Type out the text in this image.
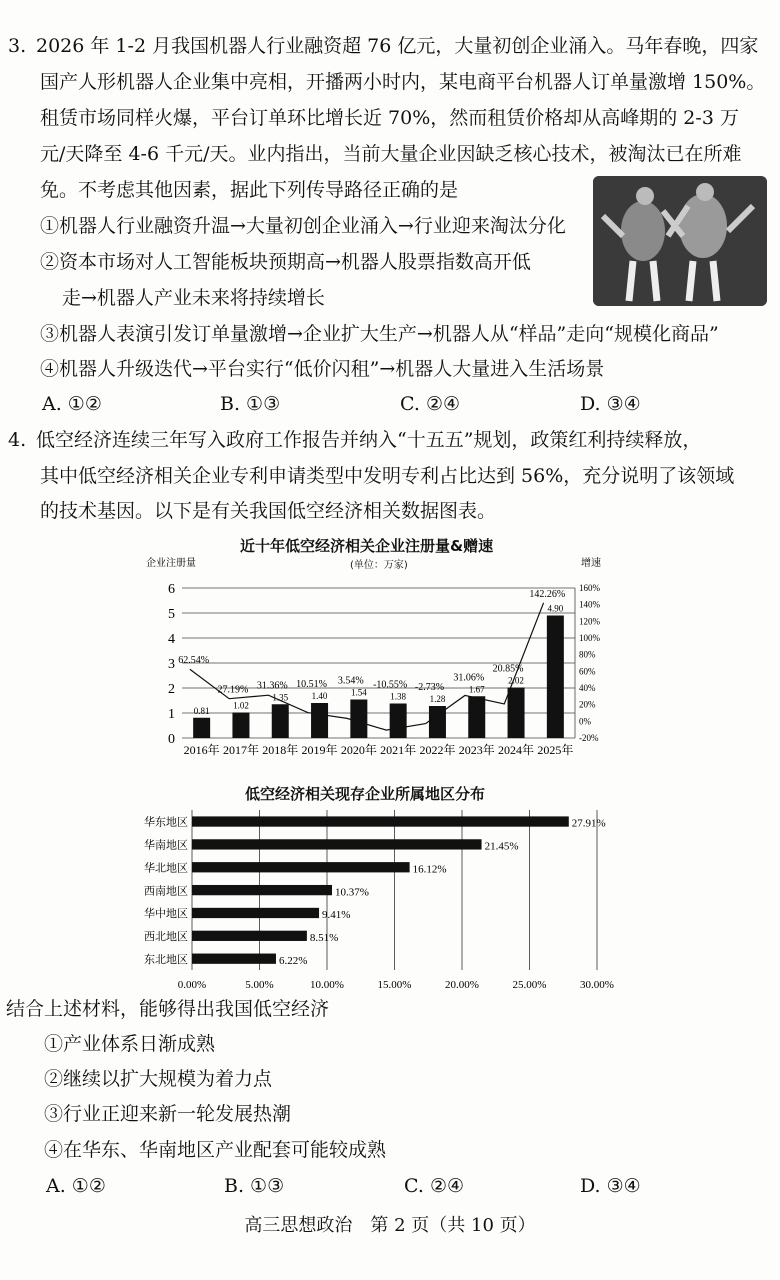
3. 2026 年 1-2 月我国机器人行业融资超 76 亿元，大量初创企业涌入。马年春晚，四家
国产人形机器人企业集中亮相，开播两小时内，某电商平台机器人订单量激增 150%。
租赁市场同样火爆，平台订单环比增长近 70%，然而租赁价格却从高峰期的 2-3 万
元/天降至 4-6 千元/天。业内指出，当前大量企业因缺乏核心技术，被淘汰已在所难
免。不考虑其他因素，据此下列传导路径正确的是
①机器人行业融资升温→大量初创企业涌入→行业迎来淘汰分化
②资本市场对人工智能板块预期高→机器人股票指数高开低
走→机器人产业未来将持续增长
③机器人表演引发订单量激增→企业扩大生产→机器人从“样品”走向“规模化商品”
④机器人升级迭代→平台实行“低价闪租”→机器人大量进入生活场景
A. ①②	B. ①③	C. ②④	D. ③④
4. 低空经济连续三年写入政府工作报告并纳入“十五五”规划，政策红利持续释放，
其中低空经济相关企业专利申请类型中发明专利占比达到 56%，充分说明了该领域
的技术基因。以下是有关我国低空经济相关数据图表。
近十年低空经济相关企业注册量&赠速
(单位：万家)
企业注册量	增速
0
1
2
3
4
5
6
-20%
0%
20%
40%
60%
80%
100%
120%
140%
160%
0.81
2016年
1.02
2017年
1.35
2018年
1.40
2019年
1.54
2020年
1.38
2021年
1.28
2022年
1.67
2023年
2.02
2024年
4.90
2025年
62.54%
27.19% 31.36% 10.51% 3.54% -10.55% -2.73%
31.06%
20.85%
142.26%
低空经济相关现存企业所属地区分布
0.00%	5.00%	10.00%	15.00%	20.00%	25.00%	30.00%
华东地区	27.91%
华南地区	21.45%
华北地区	16.12%
西南地区	10.37%
华中地区	9.41%
西北地区	8.51%
东北地区	6.22%
结合上述材料，能够得出我国低空经济
①产业体系日渐成熟
②继续以扩大规模为着力点
③行业正迎来新一轮发展热潮
④在华东、华南地区产业配套可能较成熟
A. ①②	B. ①③	C. ②④	D. ③④
高三思想政治　第 2 页（共 10 页）
